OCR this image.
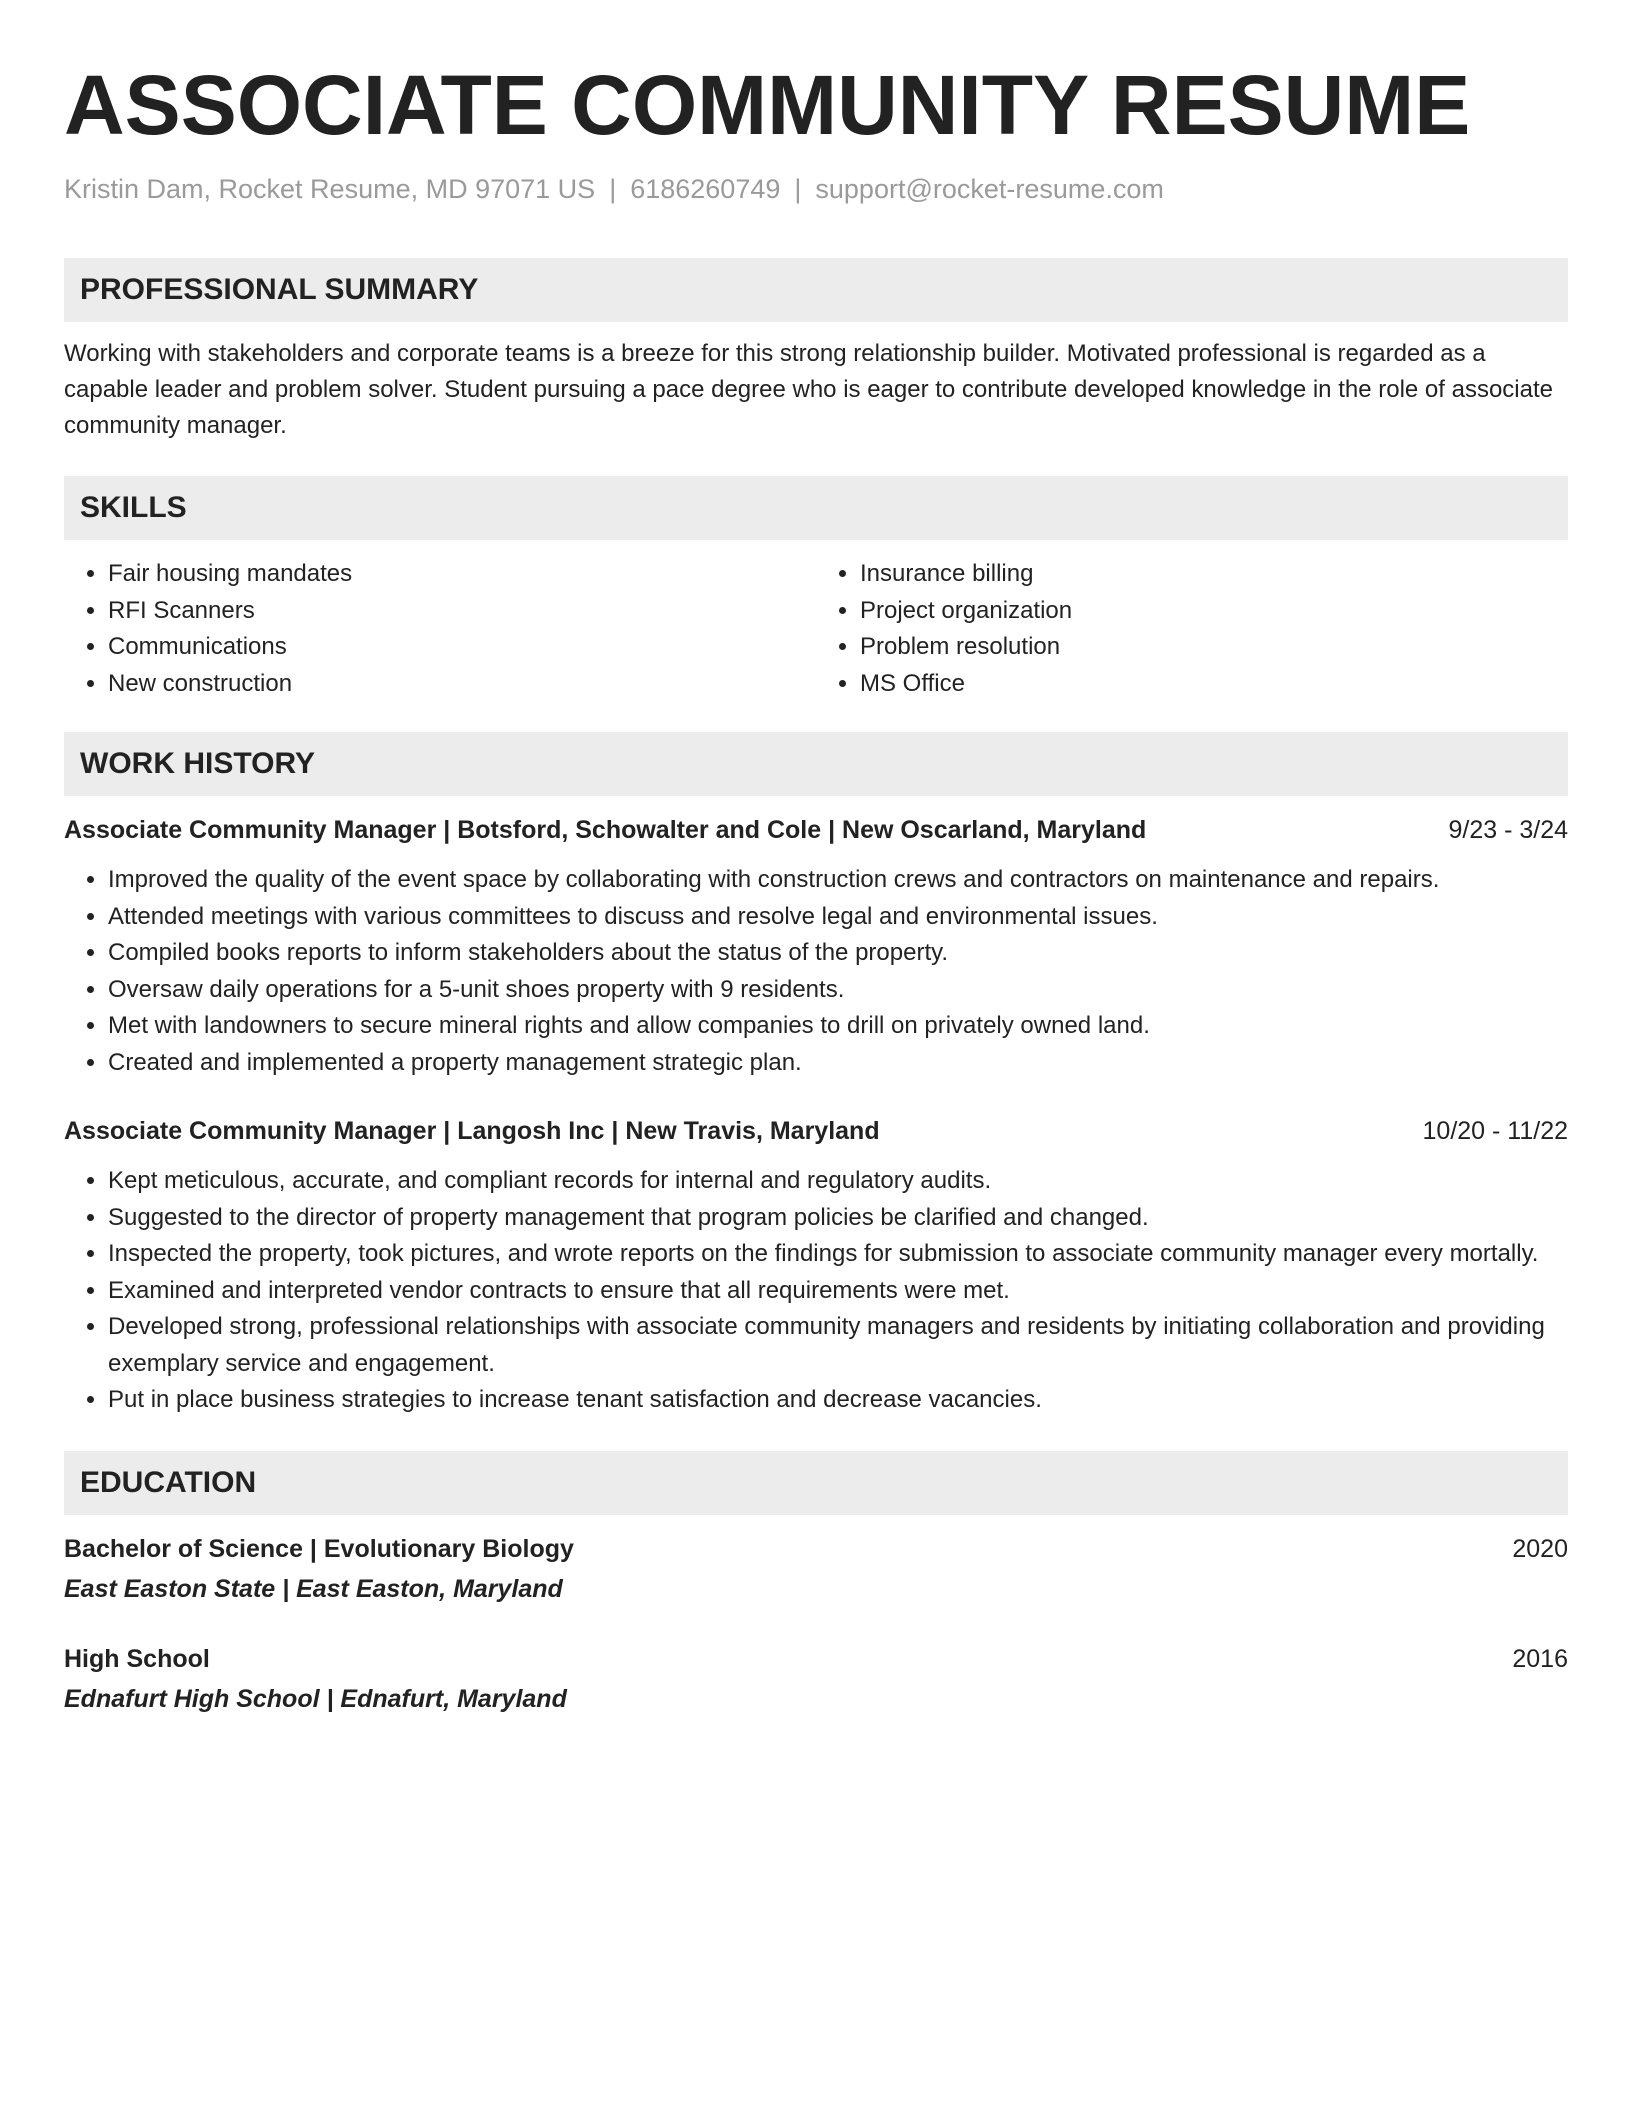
ASSOCIATE COMMUNITY RESUME
Kristin Dam, Rocket Resume, MD 97071 US | 6186260749 | support@rocket-resume.com
PROFESSIONAL SUMMARY

Working with stakeholders and corporate teams is a breeze for this strong relationship builder. Motivated professional is regarded as a capable leader and problem solver. Student pursuing a pace degree who is eager to contribute developed knowledge in the role of associate community manager.

SKILLS
• Fair housing mandates
• RFI Scanners
• Communications
• New construction
• Insurance billing
• Project organization
• Problem resolution
• MS Office
WORK HISTORY
Associate Community Manager | Botsford, Schowalter and Cole | New Oscarland, Maryland	9/23 - 3/24
• Improved the quality of the event space by collaborating with construction crews and contractors on maintenance and repairs.
• Attended meetings with various committees to discuss and resolve legal and environmental issues.
• Compiled books reports to inform stakeholders about the status of the property.
• Oversaw daily operations for a 5-unit shoes property with 9 residents.
• Met with landowners to secure mineral rights and allow companies to drill on privately owned land.
• Created and implemented a property management strategic plan.
Associate Community Manager | Langosh Inc | New Travis, Maryland	10/20 - 11/22
• Kept meticulous, accurate, and compliant records for internal and regulatory audits.
• Suggested to the director of property management that program policies be clarified and changed.
• Inspected the property, took pictures, and wrote reports on the findings for submission to associate community manager every mortally.
• Examined and interpreted vendor contracts to ensure that all requirements were met.
• Developed strong, professional relationships with associate community managers and residents by initiating collaboration and providing exemplary service and engagement.
• Put in place business strategies to increase tenant satisfaction and decrease vacancies.
EDUCATION
Bachelor of Science | Evolutionary Biology	2020
East Easton State | East Easton, Maryland
High School	2016
Ednafurt High School | Ednafurt, Maryland
